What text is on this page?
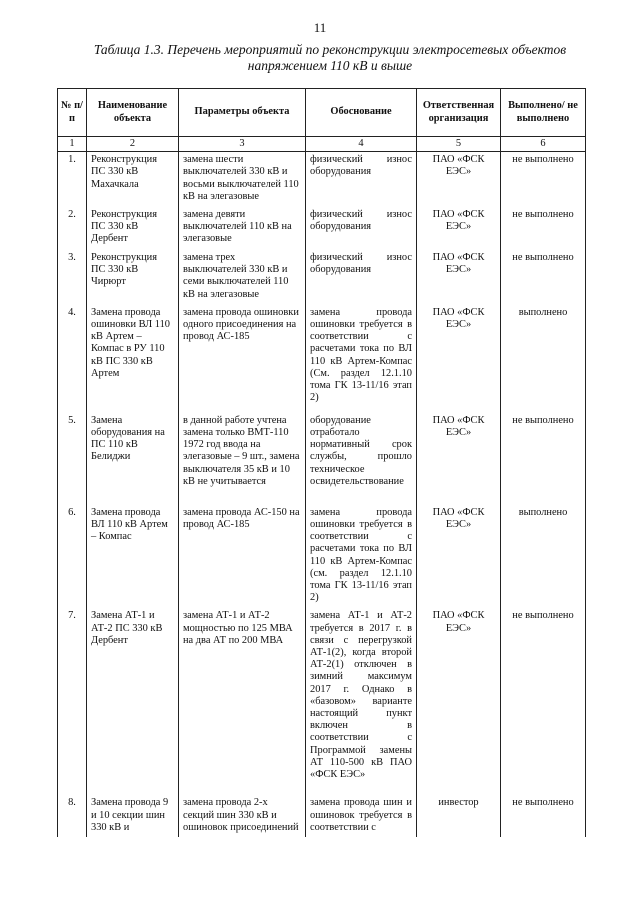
11
Таблица 1.3. Перечень мероприятий по реконструкции электросетевых объектов
напряжением 110 кВ и выше
№ п/п	Наименование объекта	Параметры объекта	Обоснование	Ответственная организация	Выполнено/ не выполнено
1	2	3	4	5	6
1.	Реконструкция ПС 330 кВ Махачкала	замена шести выключателей 330 кВ и восьми выключателей 110 кВ на элегазовые	физический износ оборудования	ПАО «ФСК ЕЭС»	не выполнено
2.	Реконструкция ПС 330 кВ Дербент	замена девяти выключателей 110 кВ на элегазовые	физический износ оборудования	ПАО «ФСК ЕЭС»	не выполнено
3.	Реконструкция ПС 330 кВ Чирюрт	замена трех выключателей 330 кВ и семи выключателей 110 кВ на элегазовые	физический износ оборудования	ПАО «ФСК ЕЭС»	не выполнено
4.	Замена провода ошиновки ВЛ 110 кВ Артем – Компас в РУ 110 кВ ПС 330 кВ Артем	замена провода ошиновки одного присоединения на провод АС-185	замена провода ошиновки требуется в соответствии с расчетами тока по ВЛ 110 кВ Артем-Компас (См. раздел 12.1.10 тома ГК 13-11/16 этап 2)	ПАО «ФСК ЕЭС»	выполнено
5.	Замена оборудования на ПС 110 кВ Белиджи	в данной работе учтена замена только ВМТ-110 1972 год ввода на элегазовые – 9 шт., замена выключателя 35 кВ и 10 кВ не учитывается	оборудование отработало нормативный срок службы, прошло техническое освидетельствование	ПАО «ФСК ЕЭС»	не выполнено
6.	Замена провода ВЛ 110 кВ Артем – Компас	замена провода АС-150 на провод АС-185	замена провода ошиновки требуется в соответствии с расчетами тока по ВЛ 110 кВ Артем-Компас (см. раздел 12.1.10 тома ГК 13-11/16 этап 2)	ПАО «ФСК ЕЭС»	выполнено
7.	Замена АТ-1 и АТ-2 ПС 330 кВ Дербент	замена АТ-1 и АТ-2 мощностью по 125 МВА на два АТ по 200 МВА	замена АТ-1 и АТ-2 требуется в 2017 г. в связи с перегрузкой АТ-1(2), когда второй АТ-2(1) отключен в зимний максимум 2017 г. Однако в «базовом» варианте настоящий пункт включен в соответствии с Программой замены АТ 110-500 кВ ПАО «ФСК ЕЭС»	ПАО «ФСК ЕЭС»	не выполнено
8.	Замена провода 9 и 10 секции шин 330 кВ и	замена провода 2-х секций шин 330 кВ и ошиновок присоединений	замена провода шин и ошиновок требуется в соответствии с	инвестор	не выполнено
